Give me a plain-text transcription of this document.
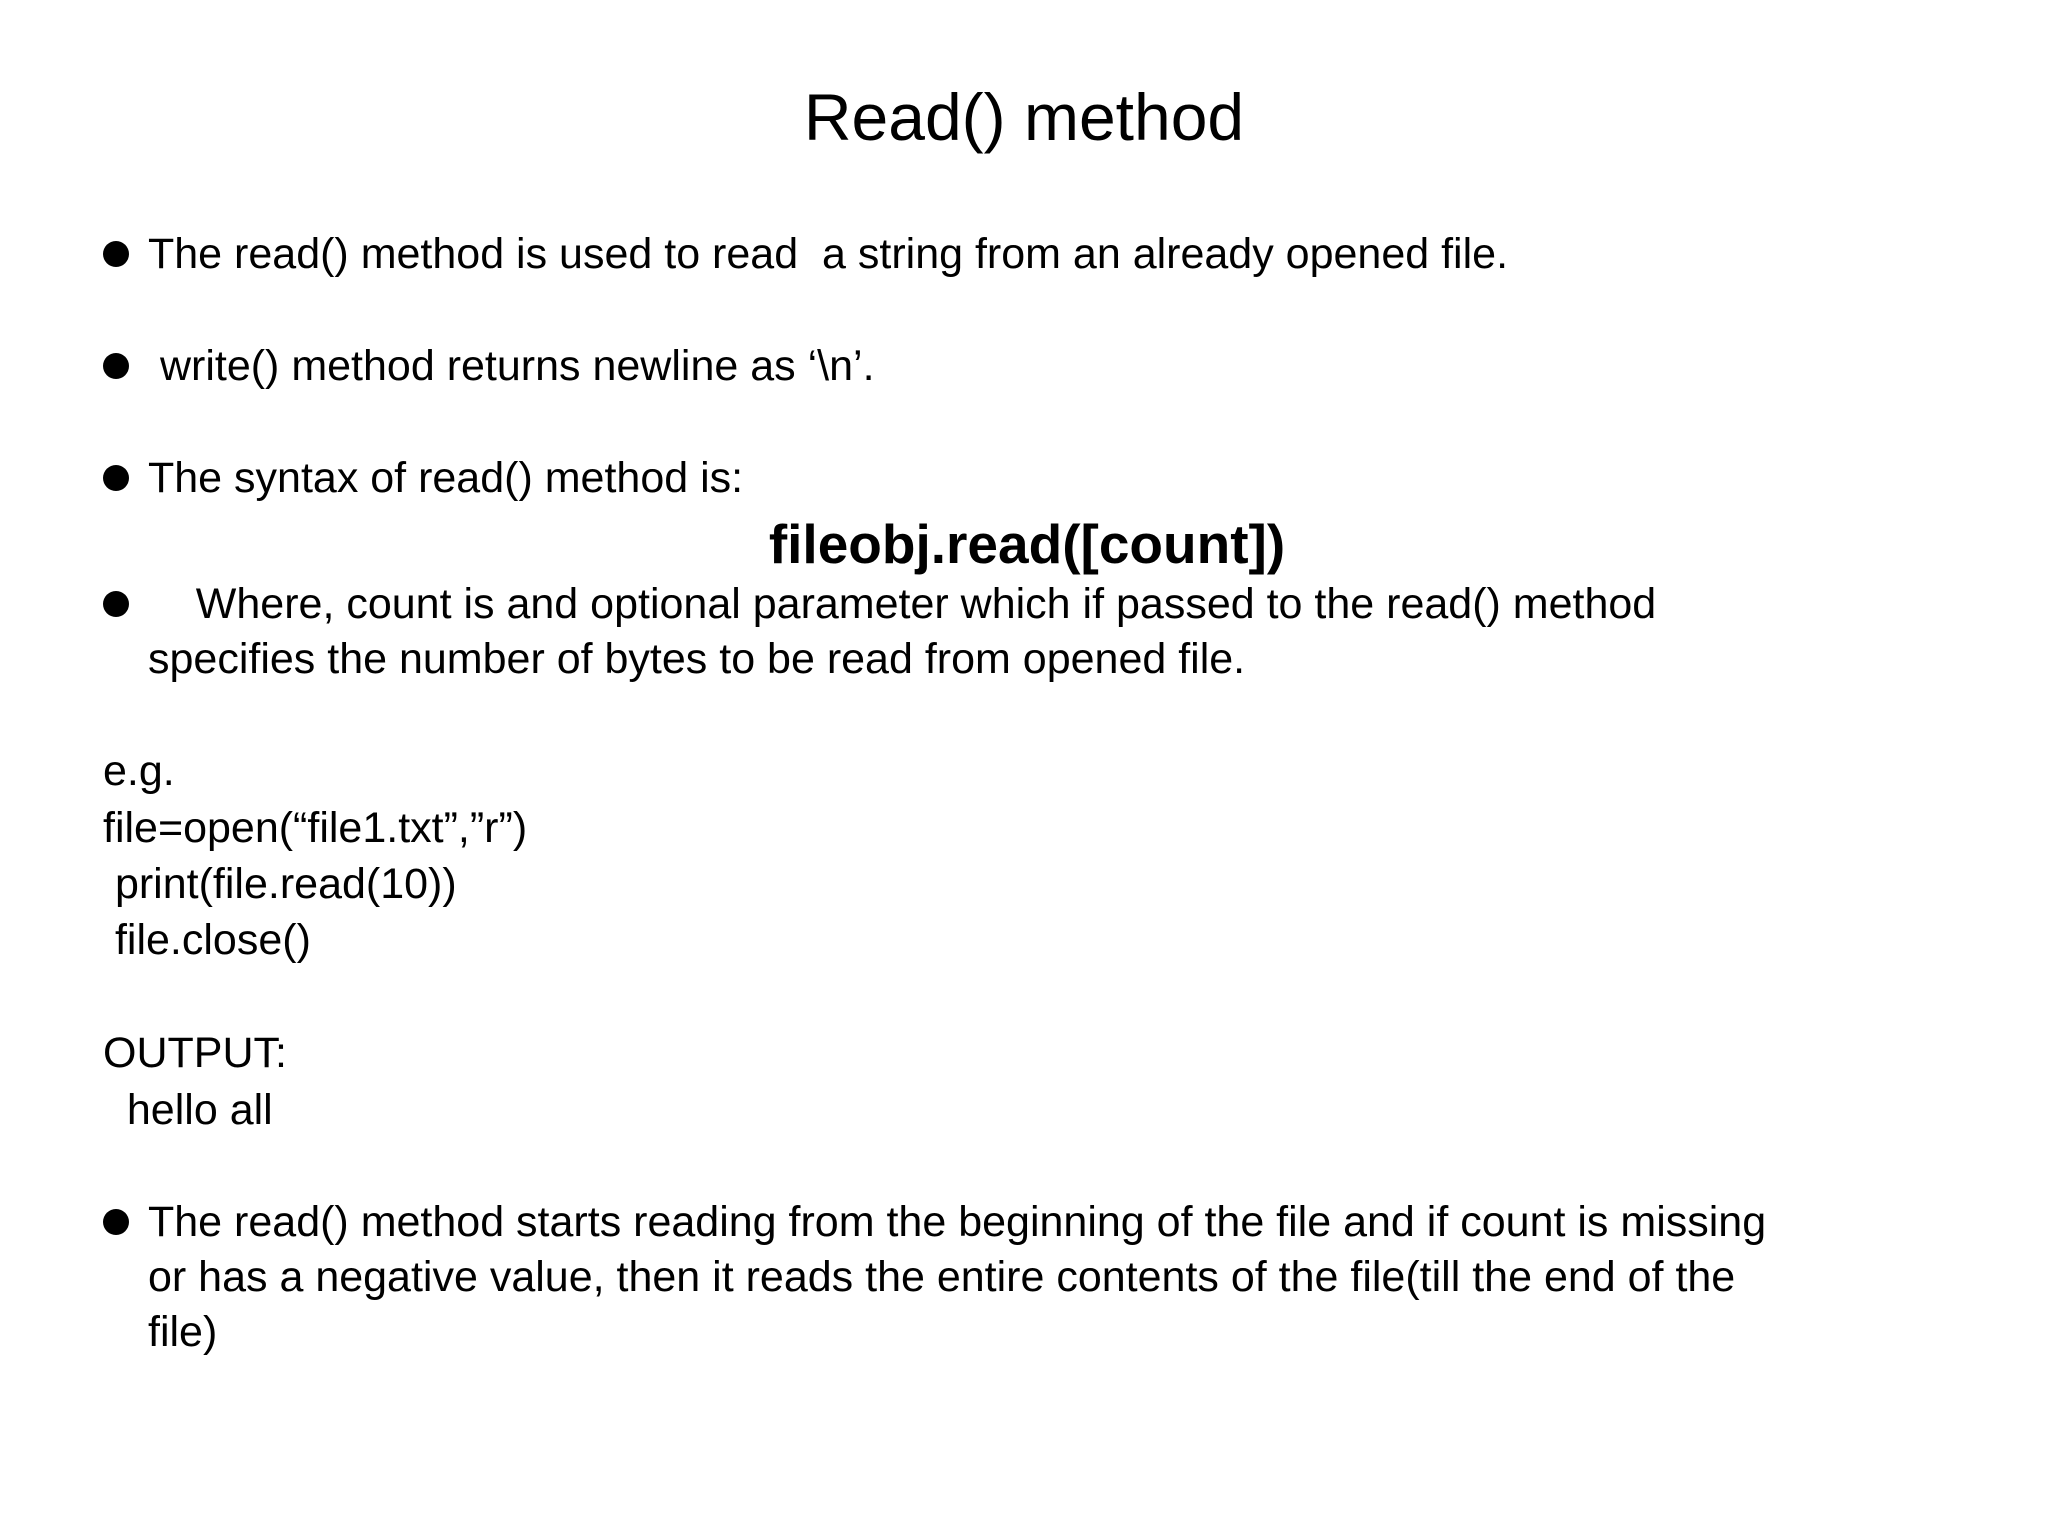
Read() method
The read() method is used to read  a string from an already opened file.
write() method returns newline as ‘\n’.
The syntax of read() method is:
fileobj.read([count])
Where, count is and optional parameter which if passed to the read() method
specifies the number of bytes to be read from opened file.
e.g.
file=open(“file1.txt”,”r”)
print(file.read(10))
file.close()
OUTPUT:
hello all
The read() method starts reading from the beginning of the file and if count is missing
or has a negative value, then it reads the entire contents of the file(till the end of the
file)
